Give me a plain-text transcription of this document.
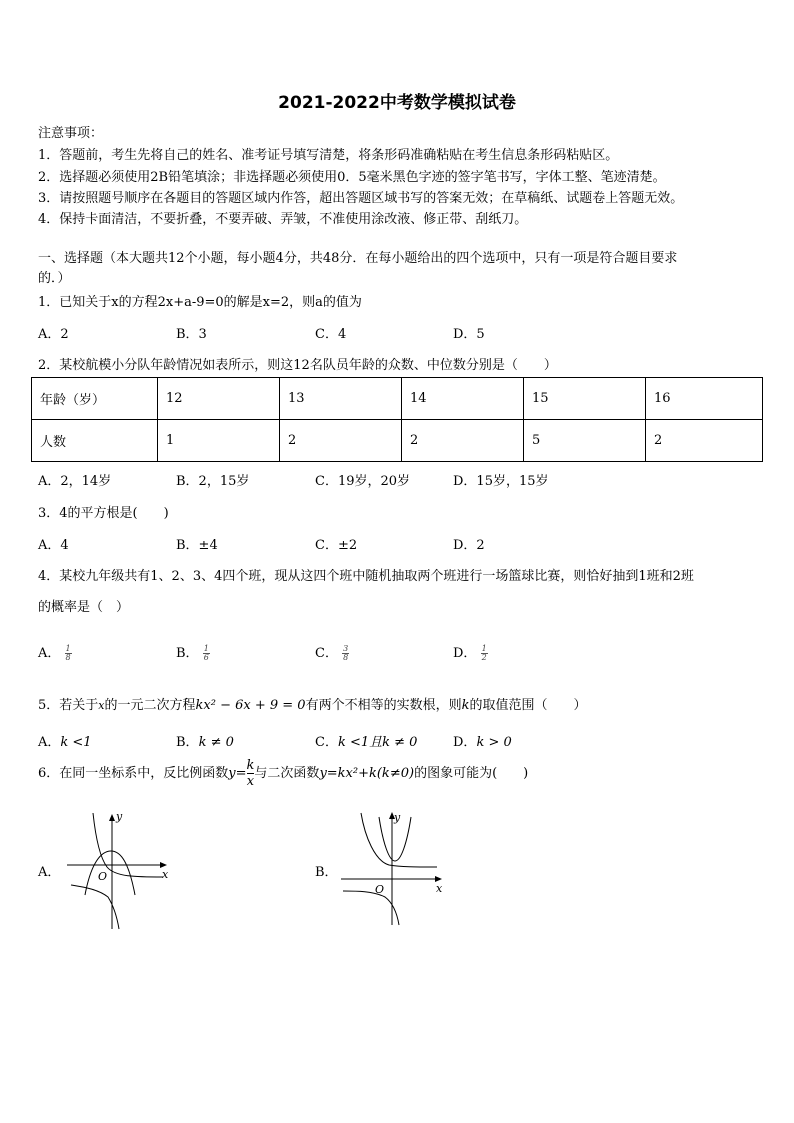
2021-2022中考数学模拟试卷
注意事项：
1．答题前，考生先将自己的姓名、准考证号填写清楚，将条形码准确粘贴在考生信息条形码粘贴区。
2．选择题必须使用2B铅笔填涂；非选择题必须使用0．5毫米黑色字迹的签字笔书写，字体工整、笔迹清楚。
3．请按照题号顺序在各题目的答题区域内作答，超出答题区域书写的答案无效；在草稿纸、试题卷上答题无效。
4．保持卡面清洁，不要折叠，不要弄破、弄皱，不准使用涂改液、修正带、刮纸刀。
一、选择题（本大题共12个小题，每小题4分，共48分．在每小题给出的四个选项中，只有一项是符合题目要求
的．）
1．已知关于x的方程2x+a-9=0的解是x=2，则a的值为
A．2	B．3	C．4	D．5
2．某校航模小分队年龄情况如表所示，则这12名队员年龄的众数、中位数分别是（　　）
年龄（岁）	12	13	14	15	16
人数	1	2	2	5	2
A．2，14岁	B．2，15岁	C．19岁，20岁	D．15岁，15岁
3．4的平方根是(　　)
A．4	B．±4	C．±2	D．2
4．某校九年级共有1、2、3、4四个班，现从这四个班中随机抽取两个班进行一场篮球比赛，则恰好抽到1班和2班
的概率是（　）
A． $\frac{1}{8}$	B． $\frac{1}{6}$	C． $\frac{3}{8}$	D． $\frac{1}{2}$
5．若关于x的一元二次方程kx² − 6x + 9 = 0有两个不相等的实数根，则k的取值范围（　　）
A．k <1	B．k ≠ 0	C．k <1且k ≠ 0	D．k > 0
6．在同一坐标系中，反比例函数$y= \frac{k}{x}$ 与二次函数y=kx²+k(k≠0)的图象可能为(　　)
A．
y
x
O	B．
y
x
O
